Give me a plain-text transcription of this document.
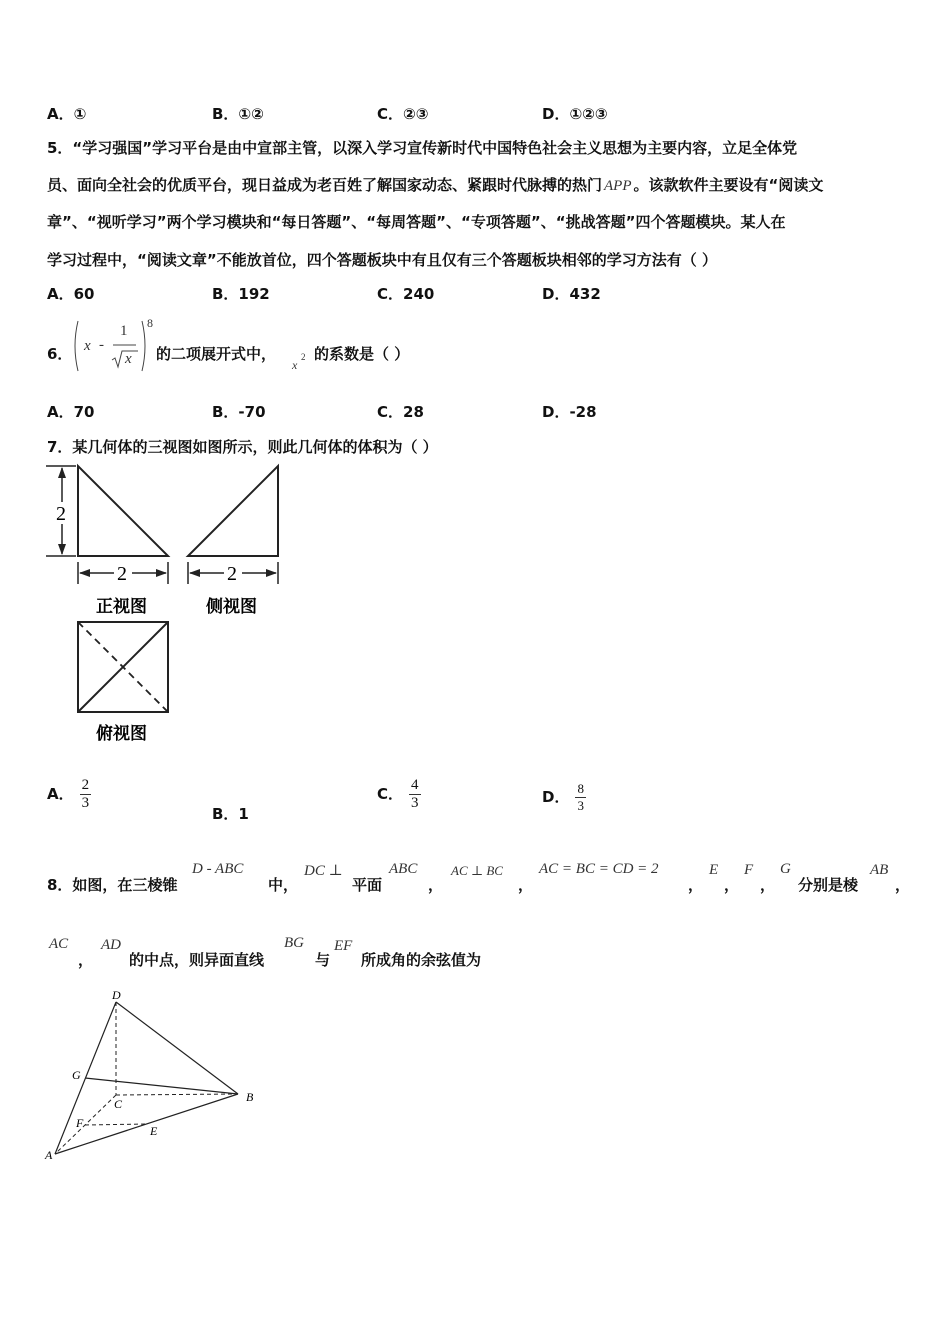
A．①	B．①②	C．②③	D．①②③
5．“学习强国”学习平台是由中宣部主管，以深入学习宣传新时代中国特色社会主义思想为主要内容，立足全体党
员、面向全社会的优质平台，现日益成为老百姓了解国家动态、紧跟时代脉搏的热门 APP 。该款软件主要设有“阅读文
章”、“视听学习”两个学习模块和“每日答题”、“每周答题”、“专项答题”、“挑战答题”四个答题模块。某人在
学习过程中，“阅读文章”不能放首位，四个答题板块中有且仅有三个答题板块相邻的学习方法有（ ）
A．60	B．192	C．240	D．432
6． x -
1
x
8
的二项展开式中，
x
2 的系数是（ ）
A．70	B．-70	C．28	D．-28
7．某几何体的三视图如图所示，则此几何体的体积为（ ）
2
2
正视图
2
侧视图
俯视图
A． $\frac{2}{3}$
B．1
C． $\frac{4}{3}$	D． $\frac{8}{3}$
8．如图，在三棱锥
D - ABC
中，
DC ⊥
平面
ABC
，
AC ⊥ BC
，
AC = BC = CD = 2
，
E
，
F
，
G
分别是棱
AB
，
AC
，
AD
的中点，则异面直线
BG
与
EF
所成角的余弦值为
D
G
C	B
F
E
A
